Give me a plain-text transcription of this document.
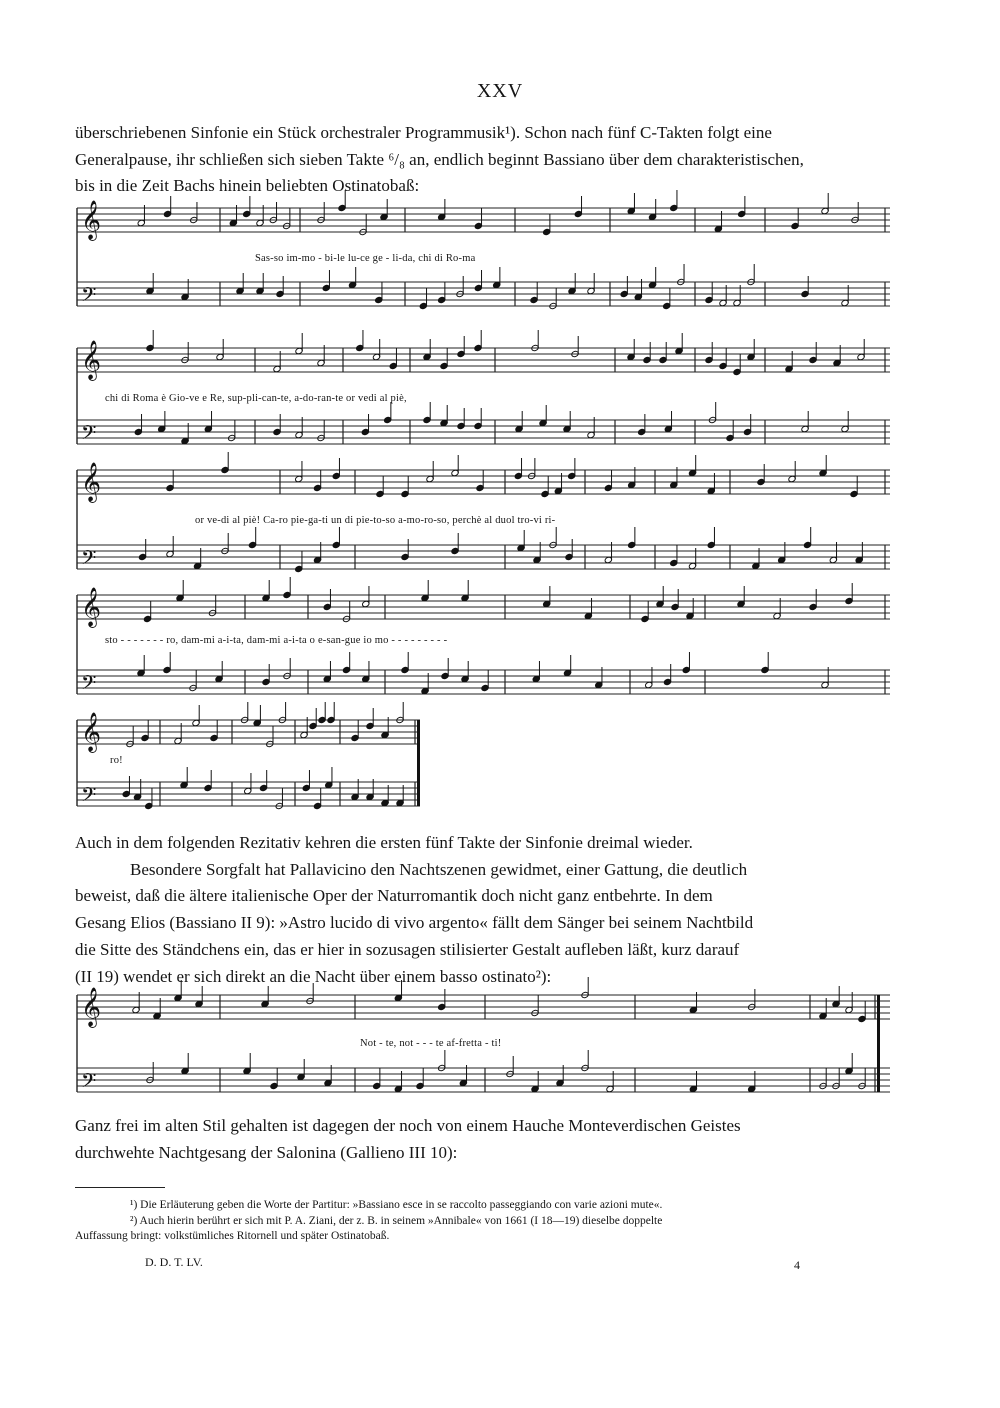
XXV

überschriebenen Sinfonie ein Stück orchestraler Programmusik¹). Schon nach fünf C-Takten folgt eine
Generalpause, ihr schließen sich sieben Takte ⁶/₈ an, endlich beginnt Bassiano über dem charakteristischen,
bis in die Zeit Bachs hinein beliebten Ostinatobaß:

𝄞
𝄢
Sas-so im-mo - bi-le lu-ce ge - li-da, chi di Ro-ma
𝄞
𝄢
chi di Roma è Gio-ve e Re, sup-pli-can-te, a-do-ran-te or vedi al piè,
𝄞
𝄢
or ve-di al piè! Ca-ro pie-ga-ti un di pie-to-so a-mo-ro-so, perchè al duol tro-vi ri-
𝄞
𝄢
sto - - - - - - - ro, dam-mi a-i-ta, dam-mi a-i-ta o e-san-gue io mo - - - - - - - - -
𝄞
𝄢
ro!

Auch in dem folgenden Rezitativ kehren die ersten fünf Takte der Sinfonie dreimal wieder.
Besondere Sorgfalt hat Pallavicino den Nachtszenen gewidmet, einer Gattung, die deutlich
beweist, daß die ältere italienische Oper der Naturromantik doch nicht ganz entbehrte. In dem
Gesang Elios (Bassiano II 9): »Astro lucido di vivo argento« fällt dem Sänger bei seinem Nachtbild
die Sitte des Ständchens ein, das er hier in sozusagen stilisierter Gestalt aufleben läßt, kurz darauf
(II 19) wendet er sich direkt an die Nacht über einem basso ostinato²):

𝄞
𝄢
Not - te, not - - - te af-fretta - ti!

Ganz frei im alten Stil gehalten ist dagegen der noch von einem Hauche Monteverdischen Geistes
durchwehte Nachtgesang der Salonina (Gallieno III 10):

¹) Die Erläuterung geben die Worte der Partitur: »Bassiano esce in se raccolto passeggiando con varie azioni mute«.
²) Auch hierin berührt er sich mit P. A. Ziani, der z. B. in seinem »Annibale« von 1661 (I 18—19) dieselbe doppelte
Auffassung bringt: volkstümliches Ritornell und später Ostinatobaß.
D. D. T. LV.	4
